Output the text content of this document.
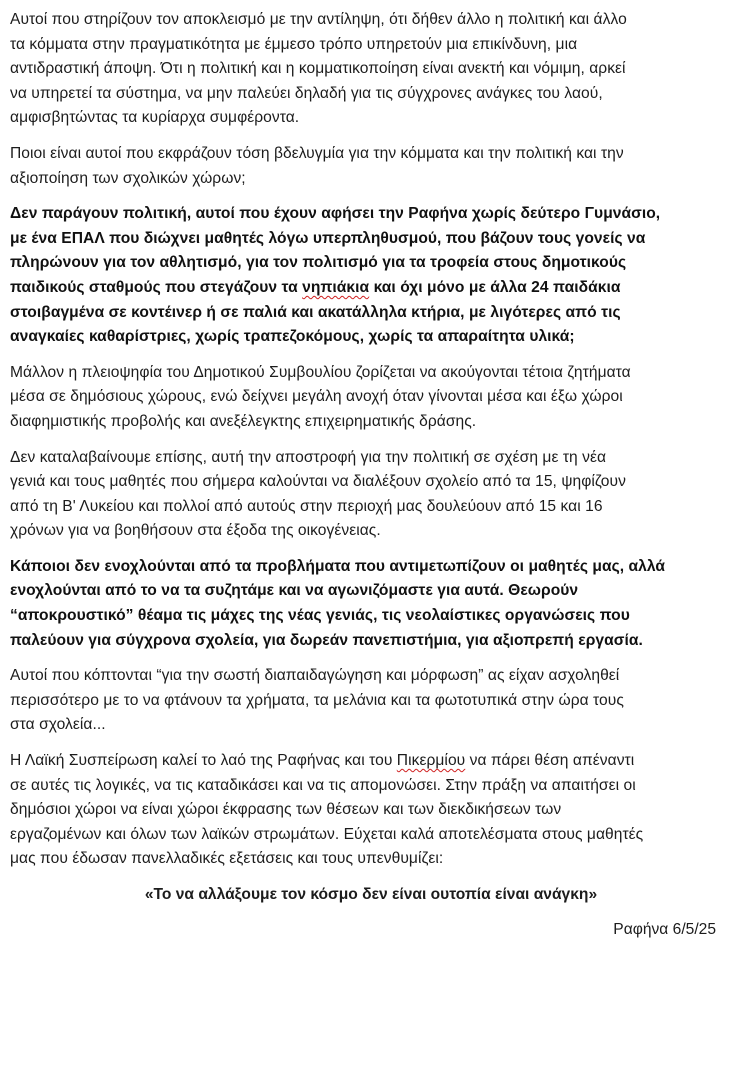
Αυτοί που στηρίζουν τον αποκλεισμό με την αντίληψη, ότι δήθεν άλλο η πολιτική και άλλο
τα κόμματα στην πραγματικότητα με έμμεσο τρόπο υπηρετούν μια επικίνδυνη, μια
αντιδραστική άποψη. Ότι η πολιτική και η κομματικοποίηση είναι ανεκτή και νόμιμη, αρκεί
να υπηρετεί τα σύστημα, να μην παλεύει δηλαδή για τις σύγχρονες ανάγκες του λαού,
αμφισβητώντας τα κυρίαρχα συμφέροντα.
Ποιοι είναι αυτοί που εκφράζουν τόση βδελυγμία για την κόμματα και την πολιτική και την
αξιοποίηση των σχολικών χώρων;
Δεν παράγουν πολιτική, αυτοί που έχουν αφήσει την Ραφήνα χωρίς δεύτερο Γυμνάσιο,
με ένα ΕΠΑΛ που διώχνει μαθητές λόγω υπερπληθυσμού, που βάζουν τους γονείς να
πληρώνουν για τον αθλητισμό, για τον πολιτισμό για τα τροφεία στους δημοτικούς
παιδικούς σταθμούς που στεγάζουν τα νηπιάκια και όχι μόνο με άλλα 24 παιδάκια
στοιβαγμένα σε κοντέινερ ή σε παλιά και ακατάλληλα κτήρια, με λιγότερες από τις
αναγκαίες καθαρίστριες, χωρίς τραπεζοκόμους, χωρίς τα απαραίτητα υλικά;
Μάλλον η πλειοψηφία του Δημοτικού Συμβουλίου ζορίζεται να ακούγονται τέτοια ζητήματα
μέσα σε δημόσιους χώρους, ενώ δείχνει μεγάλη ανοχή όταν γίνονται μέσα και έξω χώροι
διαφημιστικής προβολής και ανεξέλεγκτης επιχειρηματικής δράσης.
Δεν καταλαβαίνουμε επίσης, αυτή την αποστροφή για την πολιτική σε σχέση με τη νέα
γενιά και τους μαθητές που σήμερα καλούνται να διαλέξουν σχολείο από τα 15, ψηφίζουν
από τη Β' Λυκείου και πολλοί από αυτούς στην περιοχή μας δουλεύουν από 15 και 16
χρόνων για να βοηθήσουν στα έξοδα της οικογένειας.
Κάποιοι δεν ενοχλούνται από τα προβλήματα που αντιμετωπίζουν οι μαθητές μας, αλλά
ενοχλούνται από το να τα συζητάμε και να αγωνιζόμαστε για αυτά. Θεωρούν
“αποκρουστικό” θέαμα τις μάχες της νέας γενιάς, τις νεολαίστικες οργανώσεις που
παλεύουν για σύγχρονα σχολεία, για δωρεάν πανεπιστήμια, για αξιοπρεπή εργασία.
Αυτοί που κόπτονται “για την σωστή διαπαιδαγώγηση και μόρφωση” ας είχαν ασχοληθεί
περισσότερο με το να φτάνουν τα χρήματα, τα μελάνια και τα φωτοτυπικά στην ώρα τους
στα σχολεία...
Η Λαϊκή Συσπείρωση καλεί το λαό της Ραφήνας και του Πικερμίου να πάρει θέση απέναντι
σε αυτές τις λογικές, να τις καταδικάσει και να τις απομονώσει. Στην πράξη να απαιτήσει οι
δημόσιοι χώροι να είναι χώροι έκφρασης των θέσεων και των διεκδικήσεων των
εργαζομένων και όλων των λαϊκών στρωμάτων. Εύχεται καλά αποτελέσματα στους μαθητές
μας που έδωσαν πανελλαδικές εξετάσεις και τους υπενθυμίζει:
«Το να αλλάξουμε τον κόσμο δεν είναι ουτοπία είναι ανάγκη»
Ραφήνα 6/5/25
